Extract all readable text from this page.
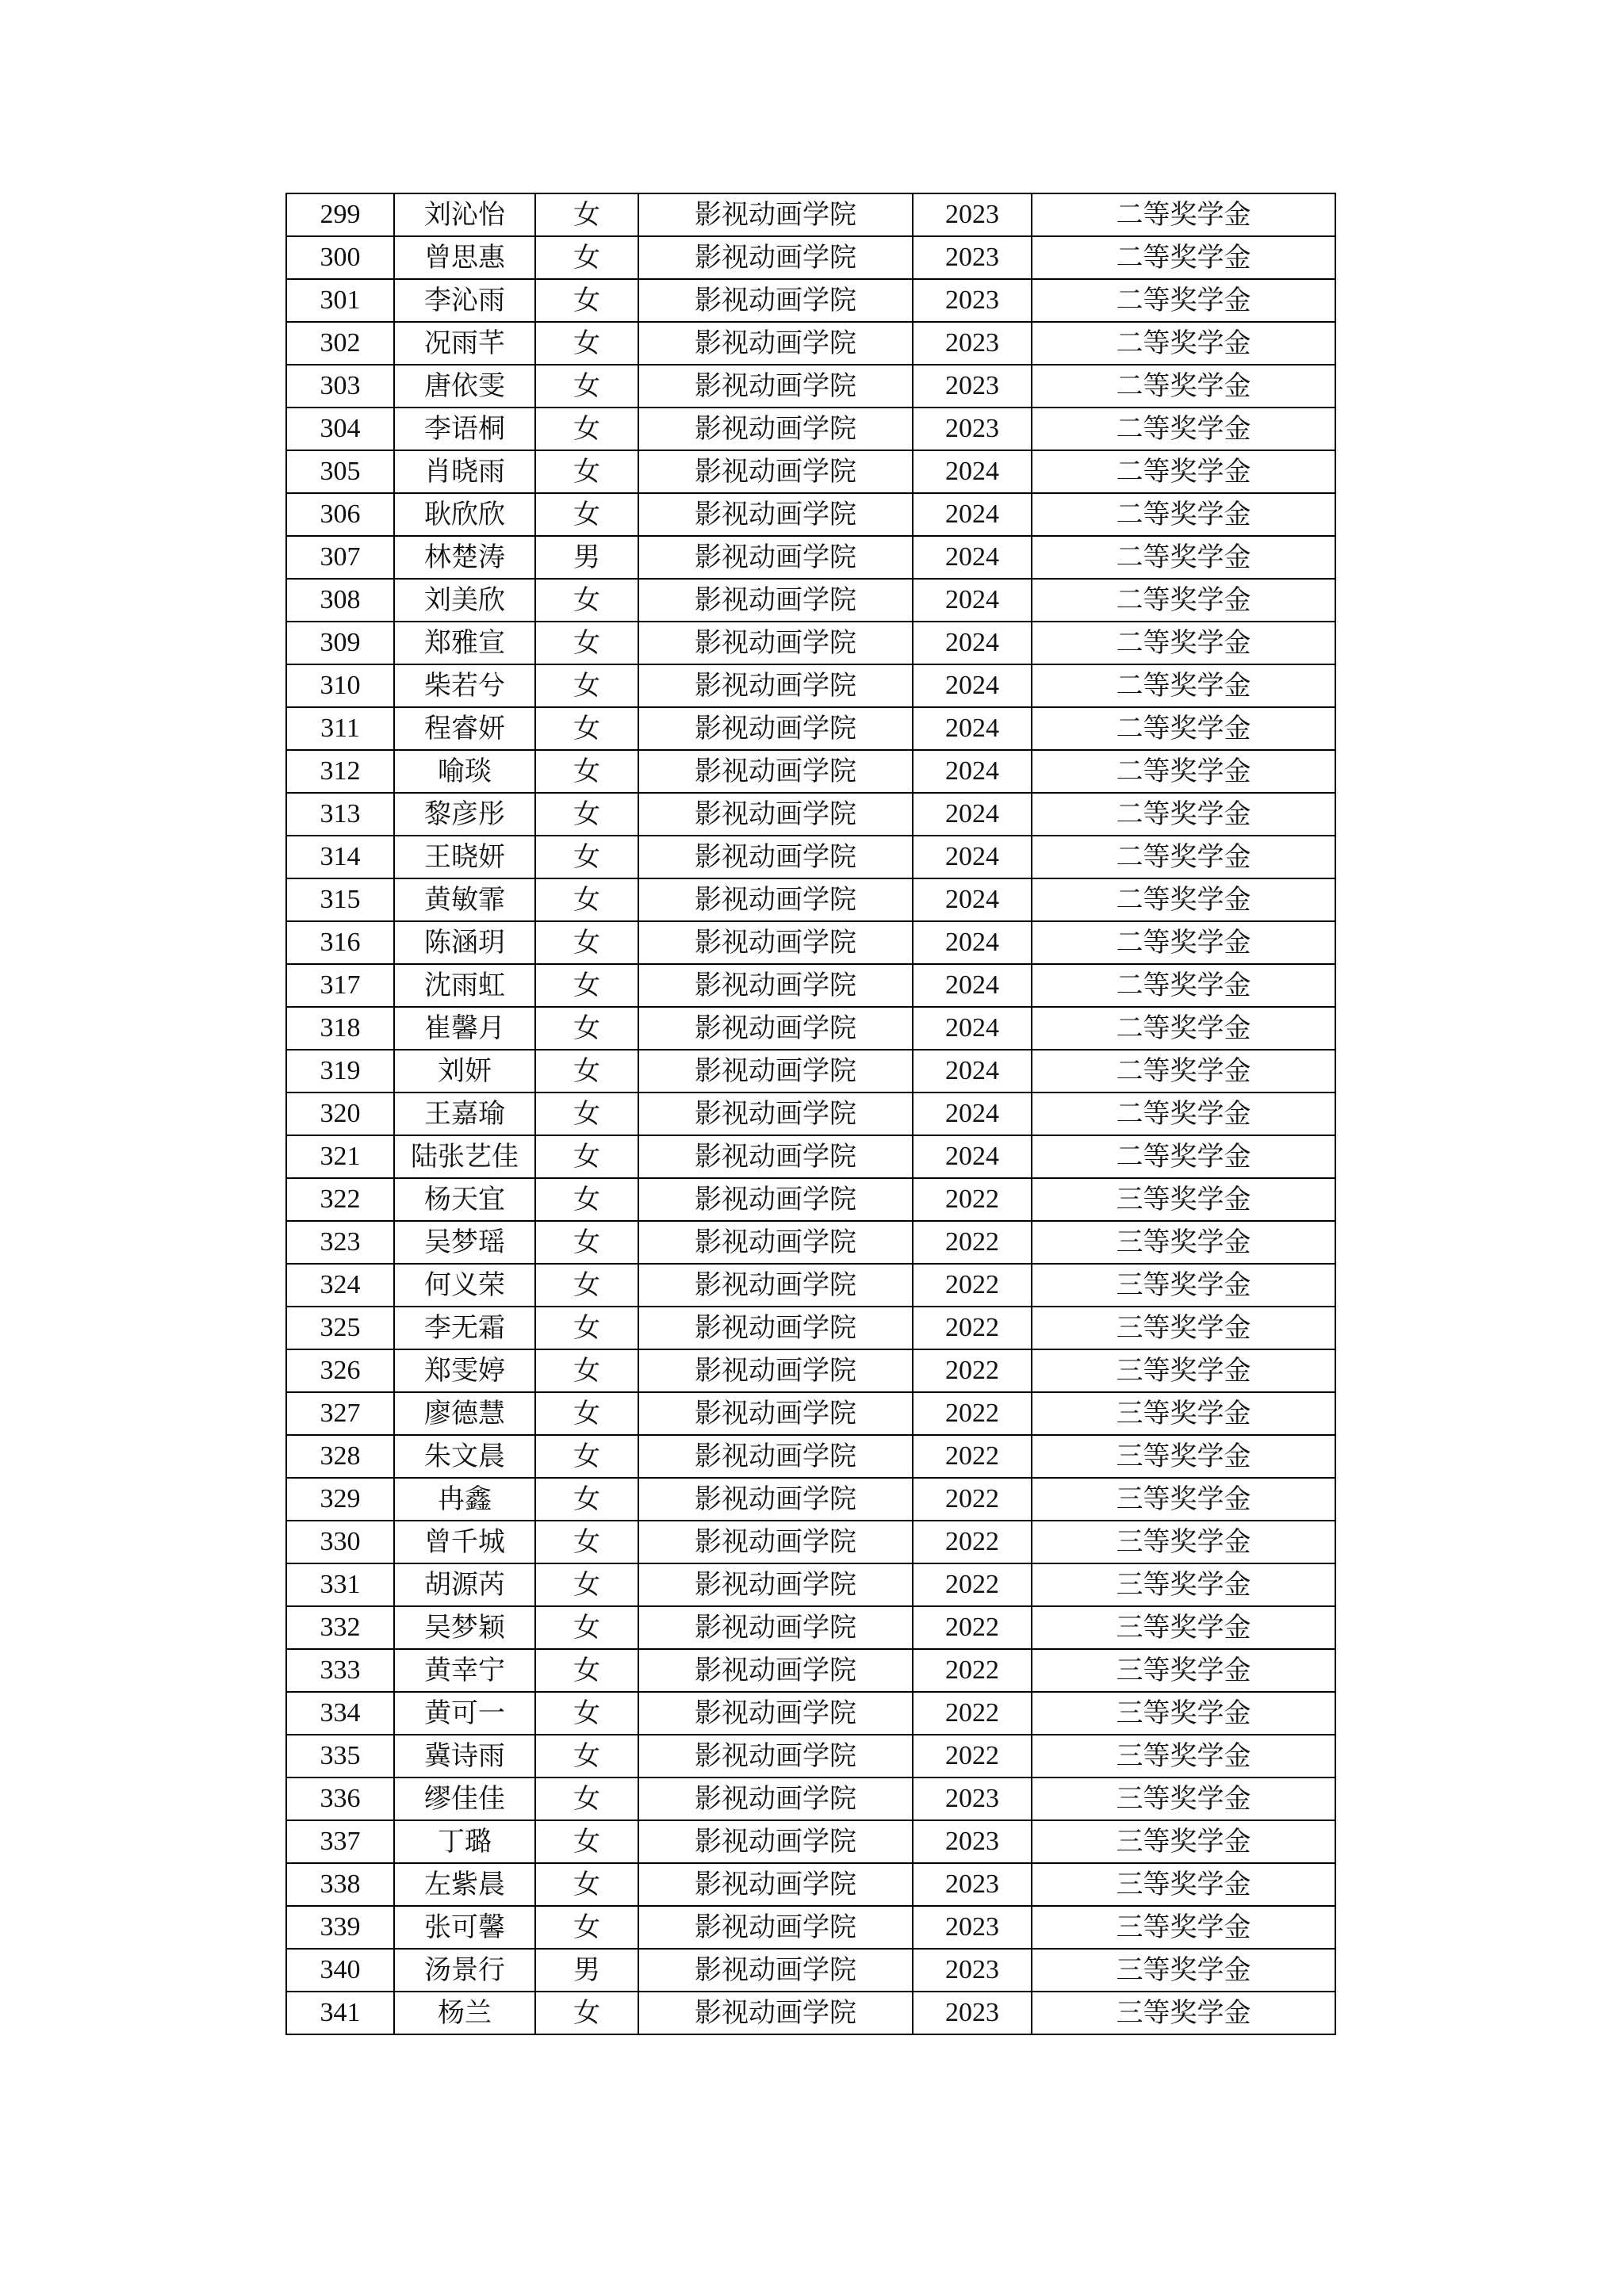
299	刘沁怡	女	影视动画学院	2023	二等奖学金
300	曾思惠	女	影视动画学院	2023	二等奖学金
301	李沁雨	女	影视动画学院	2023	二等奖学金
302	况雨芊	女	影视动画学院	2023	二等奖学金
303	唐依雯	女	影视动画学院	2023	二等奖学金
304	李语桐	女	影视动画学院	2023	二等奖学金
305	肖晓雨	女	影视动画学院	2024	二等奖学金
306	耿欣欣	女	影视动画学院	2024	二等奖学金
307	林楚涛	男	影视动画学院	2024	二等奖学金
308	刘美欣	女	影视动画学院	2024	二等奖学金
309	郑雅宣	女	影视动画学院	2024	二等奖学金
310	柴若兮	女	影视动画学院	2024	二等奖学金
311	程睿妍	女	影视动画学院	2024	二等奖学金
312	喻琰	女	影视动画学院	2024	二等奖学金
313	黎彦彤	女	影视动画学院	2024	二等奖学金
314	王晓妍	女	影视动画学院	2024	二等奖学金
315	黄敏霏	女	影视动画学院	2024	二等奖学金
316	陈涵玥	女	影视动画学院	2024	二等奖学金
317	沈雨虹	女	影视动画学院	2024	二等奖学金
318	崔馨月	女	影视动画学院	2024	二等奖学金
319	刘妍	女	影视动画学院	2024	二等奖学金
320	王嘉瑜	女	影视动画学院	2024	二等奖学金
321	陆张艺佳	女	影视动画学院	2024	二等奖学金
322	杨天宜	女	影视动画学院	2022	三等奖学金
323	吴梦瑶	女	影视动画学院	2022	三等奖学金
324	何义荣	女	影视动画学院	2022	三等奖学金
325	李无霜	女	影视动画学院	2022	三等奖学金
326	郑雯婷	女	影视动画学院	2022	三等奖学金
327	廖德慧	女	影视动画学院	2022	三等奖学金
328	朱文晨	女	影视动画学院	2022	三等奖学金
329	冉鑫	女	影视动画学院	2022	三等奖学金
330	曾千城	女	影视动画学院	2022	三等奖学金
331	胡源芮	女	影视动画学院	2022	三等奖学金
332	吴梦颖	女	影视动画学院	2022	三等奖学金
333	黄幸宁	女	影视动画学院	2022	三等奖学金
334	黄可一	女	影视动画学院	2022	三等奖学金
335	冀诗雨	女	影视动画学院	2022	三等奖学金
336	缪佳佳	女	影视动画学院	2023	三等奖学金
337	丁璐	女	影视动画学院	2023	三等奖学金
338	左紫晨	女	影视动画学院	2023	三等奖学金
339	张可馨	女	影视动画学院	2023	三等奖学金
340	汤景行	男	影视动画学院	2023	三等奖学金
341	杨兰	女	影视动画学院	2023	三等奖学金
